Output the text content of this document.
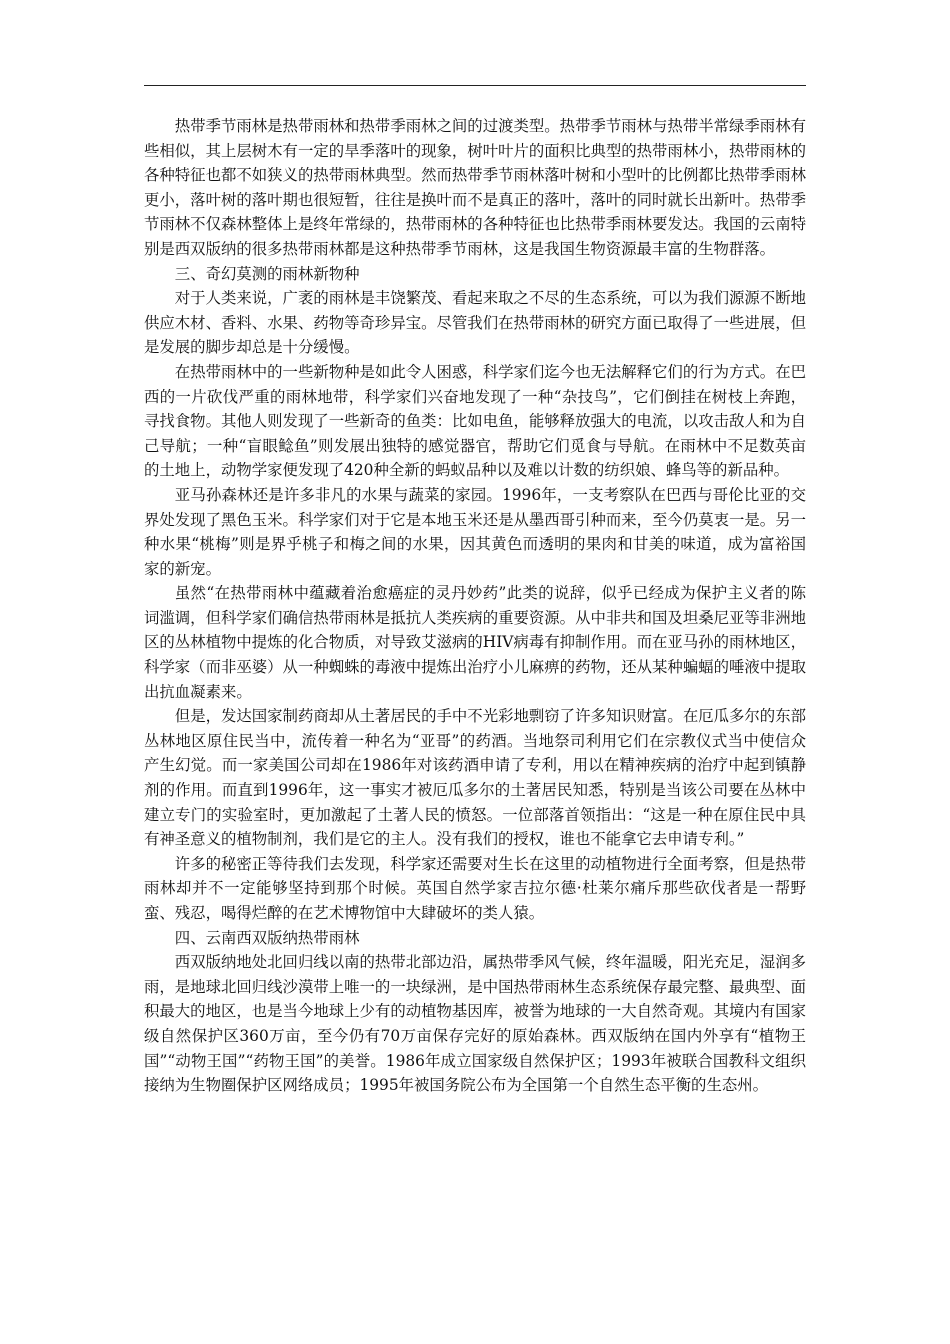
热带季节雨林是热带雨林和热带季雨林之间的过渡类型。热带季节雨林与热带半常绿季雨林有些相似，其上层树木有一定的旱季落叶的现象，树叶叶片的面积比典型的热带雨林小，热带雨林的各种特征也都不如狭义的热带雨林典型。然而热带季节雨林落叶树和小型叶的比例都比热带季雨林更小，落叶树的落叶期也很短暂，往往是换叶而不是真正的落叶，落叶的同时就长出新叶。热带季节雨林不仅森林整体上是终年常绿的，热带雨林的各种特征也比热带季雨林要发达。我国的云南特别是西双版纳的很多热带雨林都是这种热带季节雨林，这是我国生物资源最丰富的生物群落。

三、奇幻莫测的雨林新物种

对于人类来说，广袤的雨林是丰饶繁茂、看起来取之不尽的生态系统，可以为我们源源不断地供应木材、香料、水果、药物等奇珍异宝。尽管我们在热带雨林的研究方面已取得了一些进展，但是发展的脚步却总是十分缓慢。

在热带雨林中的一些新物种是如此令人困惑，科学家们迄今也无法解释它们的行为方式。在巴西的一片砍伐严重的雨林地带，科学家们兴奋地发现了一种“杂技鸟”，它们倒挂在树枝上奔跑，寻找食物。其他人则发现了一些新奇的鱼类：比如电鱼，能够释放强大的电流，以攻击敌人和为自己导航；一种“盲眼鲶鱼”则发展出独特的感觉器官，帮助它们觅食与导航。在雨林中不足数英亩的土地上，动物学家便发现了420种全新的蚂蚁品种以及难以计数的纺织娘、蜂鸟等的新品种。

亚马孙森林还是许多非凡的水果与蔬菜的家园。1996年，一支考察队在巴西与哥伦比亚的交界处发现了黑色玉米。科学家们对于它是本地玉米还是从墨西哥引种而来，至今仍莫衷一是。另一种水果“桃梅”则是界乎桃子和梅之间的水果，因其黄色而透明的果肉和甘美的味道，成为富裕国家的新宠。

虽然“在热带雨林中蕴藏着治愈癌症的灵丹妙药”此类的说辞，似乎已经成为保护主义者的陈词滥调，但科学家们确信热带雨林是抵抗人类疾病的重要资源。从中非共和国及坦桑尼亚等非洲地区的丛林植物中提炼的化合物质，对导致艾滋病的HIV病毒有抑制作用。而在亚马孙的雨林地区，科学家（而非巫婆）从一种蜘蛛的毒液中提炼出治疗小儿麻痹的药物，还从某种蝙蝠的唾液中提取出抗血凝素来。

但是，发达国家制药商却从土著居民的手中不光彩地剽窃了许多知识财富。在厄瓜多尔的东部丛林地区原住民当中，流传着一种名为“亚哥”的药酒。当地祭司利用它们在宗教仪式当中使信众产生幻觉。而一家美国公司却在1986年对该药酒申请了专利，用以在精神疾病的治疗中起到镇静剂的作用。而直到1996年，这一事实才被厄瓜多尔的土著居民知悉，特别是当该公司要在丛林中建立专门的实验室时，更加激起了土著人民的愤怒。一位部落首领指出：“这是一种在原住民中具有神圣意义的植物制剂，我们是它的主人。没有我们的授权，谁也不能拿它去申请专利。”

许多的秘密正等待我们去发现，科学家还需要对生长在这里的动植物进行全面考察，但是热带雨林却并不一定能够坚持到那个时候。英国自然学家吉拉尔德·杜莱尔痛斥那些砍伐者是一帮野蛮、残忍，喝得烂醉的在艺术博物馆中大肆破坏的类人猿。

四、云南西双版纳热带雨林

西双版纳地处北回归线以南的热带北部边沿，属热带季风气候，终年温暖，阳光充足，湿润多雨，是地球北回归线沙漠带上唯一的一块绿洲，是中国热带雨林生态系统保存最完整、最典型、面积最大的地区，也是当今地球上少有的动植物基因库，被誉为地球的一大自然奇观。其境内有国家级自然保护区360万亩，至今仍有70万亩保存完好的原始森林。西双版纳在国内外享有“植物王国”“动物王国”“药物王国”的美誉。1986年成立国家级自然保护区；1993年被联合国教科文组织接纳为生物圈保护区网络成员；1995年被国务院公布为全国第一个自然生态平衡的生态州。
